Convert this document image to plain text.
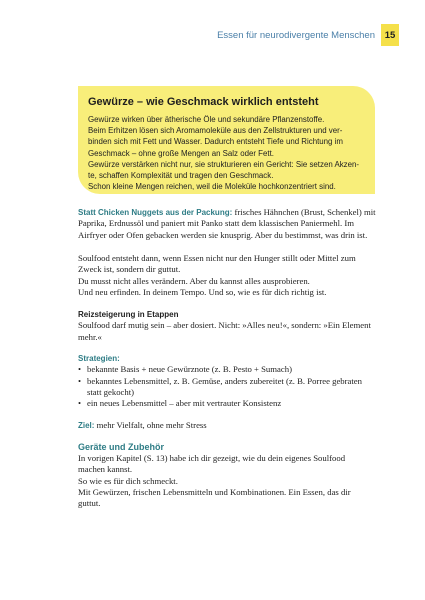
Essen für neurodivergente Menschen	15
Gewürze – wie Geschmack wirklich entsteht
Gewürze wirken über ätherische Öle und sekundäre Pflanzenstoffe.
Beim Erhitzen lösen sich Aromamoleküle aus den Zellstrukturen und ver-
binden sich mit Fett und Wasser. Dadurch entsteht Tiefe und Richtung im
Geschmack – ohne große Mengen an Salz oder Fett.
Gewürze verstärken nicht nur, sie strukturieren ein Gericht: Sie setzen Akzen-
te, schaffen Komplexität und tragen den Geschmack.
Schon kleine Mengen reichen, weil die Moleküle hochkonzentriert sind.
Statt Chicken Nuggets aus der Packung: frisches Hähnchen (Brust, Schenkel) mit
Paprika, Erdnussöl und paniert mit Panko statt dem klassischen Paniermehl. Im
Airfryer oder Ofen gebacken werden sie knusprig. Aber du bestimmst, was drin ist.
Soulfood entsteht dann, wenn Essen nicht nur den Hunger stillt oder Mittel zum
Zweck ist, sondern dir guttut.
Du musst nicht alles verändern. Aber du kannst alles ausprobieren.
Und neu erfinden. In deinem Tempo. Und so, wie es für dich richtig ist.
Reizsteigerung in Etappen
Soulfood darf mutig sein – aber dosiert. Nicht: »Alles neu!«, sondern: »Ein Element
mehr.«
Strategien:
• bekannte Basis + neue Gewürznote (z. B. Pesto + Sumach)
• bekanntes Lebensmittel, z. B. Gemüse, anders zubereitet (z. B. Porree gebraten
statt gekocht)
• ein neues Lebensmittel – aber mit vertrauter Konsistenz
Ziel: mehr Vielfalt, ohne mehr Stress
Geräte und Zubehör
In vorigen Kapitel (S. 13) habe ich dir gezeigt, wie du dein eigenes Soulfood
machen kannst.
So wie es für dich schmeckt.
Mit Gewürzen, frischen Lebensmitteln und Kombinationen. Ein Essen, das dir
guttut.
